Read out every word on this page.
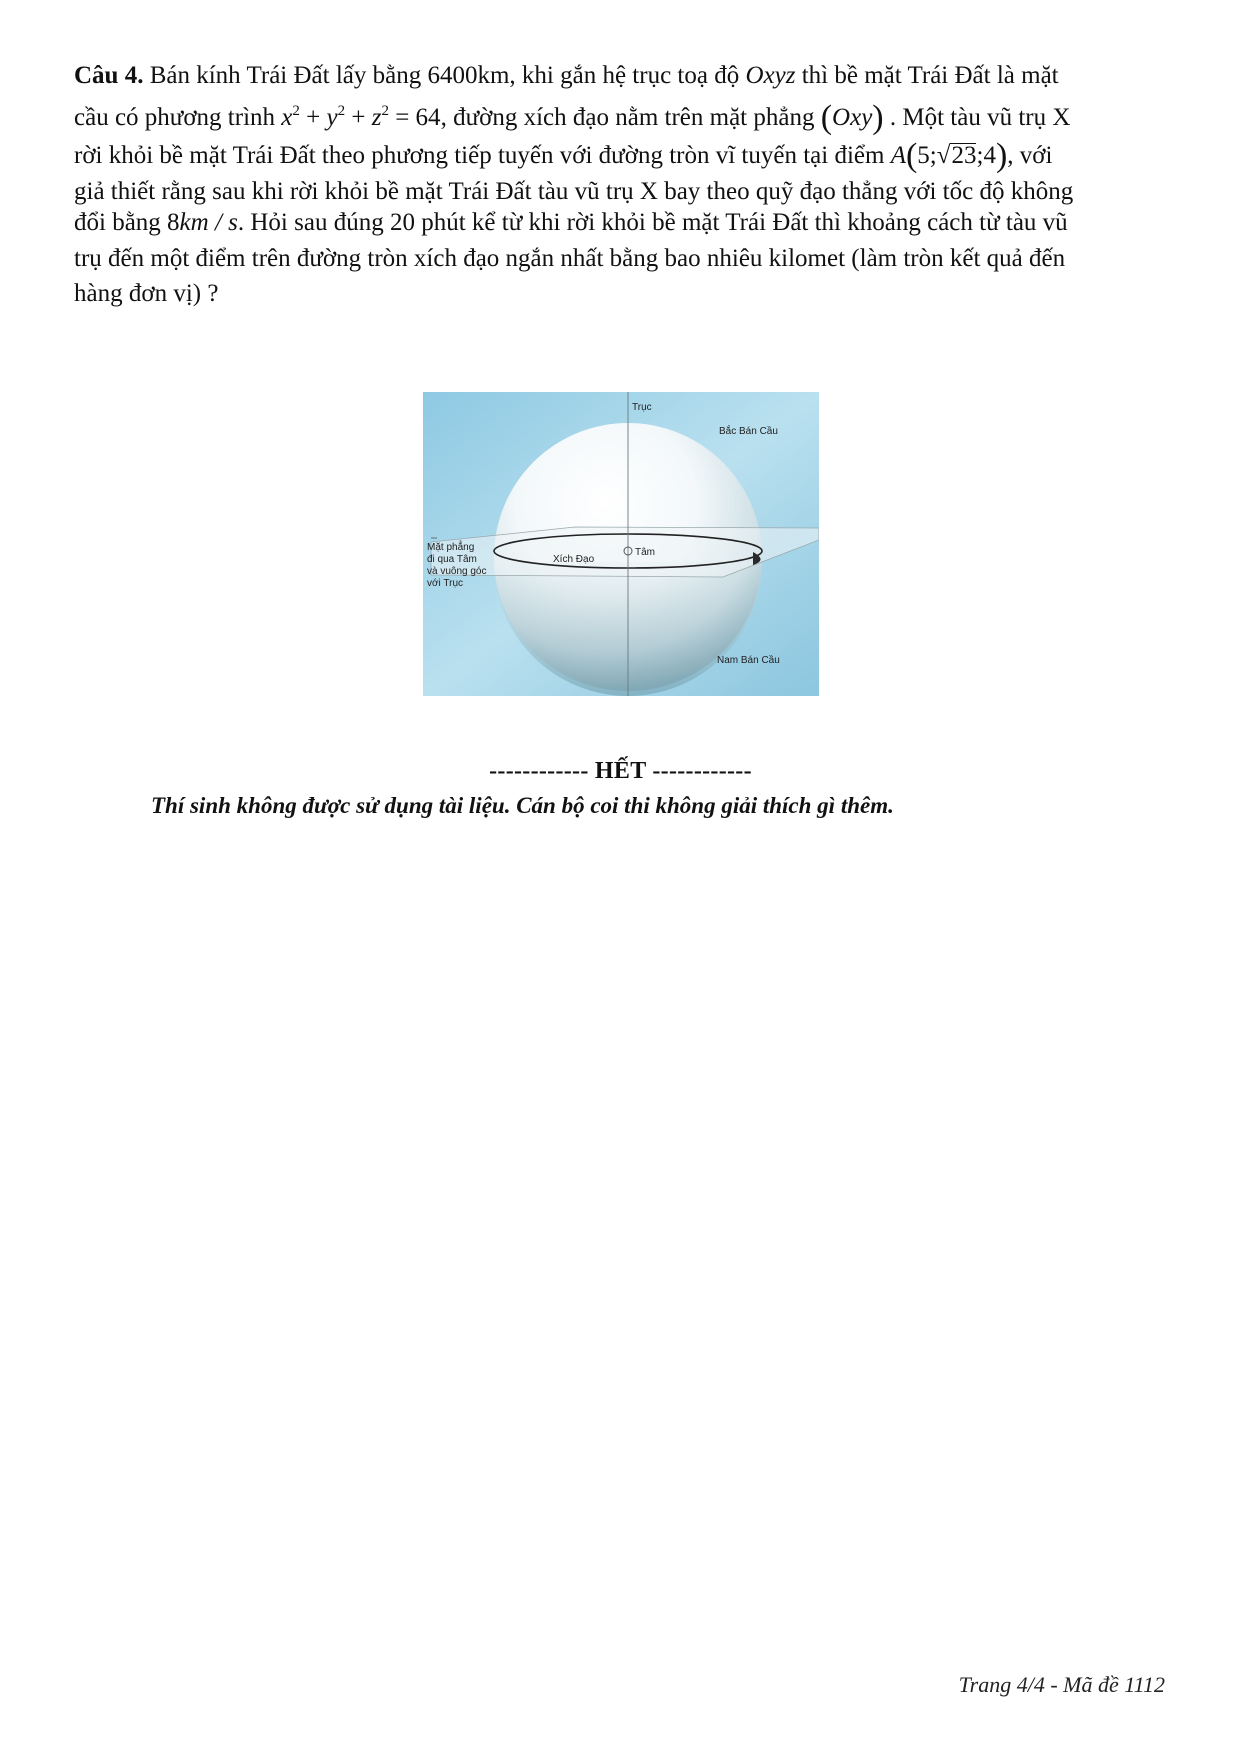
Câu 4. Bán kính Trái Đất lấy bằng 6400km, khi gắn hệ trục toạ độ Oxyz thì bề mặt Trái Đất là mặt

cầu có phương trình $x^2 + y^2 + z^2 = 64$, đường xích đạo nằm trên mặt phẳng (Oxy) . Một tàu vũ trụ X

rời khỏi bề mặt Trái Đất theo phương tiếp tuyến với đường tròn vĩ tuyến tại điểm A(5;√23;4), với

giả thiết rằng sau khi rời khỏi bề mặt Trái Đất tàu vũ trụ X bay theo quỹ đạo thẳng với tốc độ không

đổi bằng 8km / s. Hỏi sau đúng 20 phút kể từ khi rời khỏi bề mặt Trái Đất thì khoảng cách từ tàu vũ

trụ đến một điểm trên đường tròn xích đạo ngắn nhất bằng bao nhiêu kilomet (làm tròn kết quả đến

hàng đơn vị) ?

Trục
Bắc Bán Cầu
Nam Bán Cầu
Xích Đạo
Tâm
Mặt phẳng
đi qua Tâm
và vuông góc
với Trục
------------ HẾT ------------
Thí sinh không được sử dụng tài liệu. Cán bộ coi thi không giải thích gì thêm.
Trang 4/4 - Mã đề 1112
